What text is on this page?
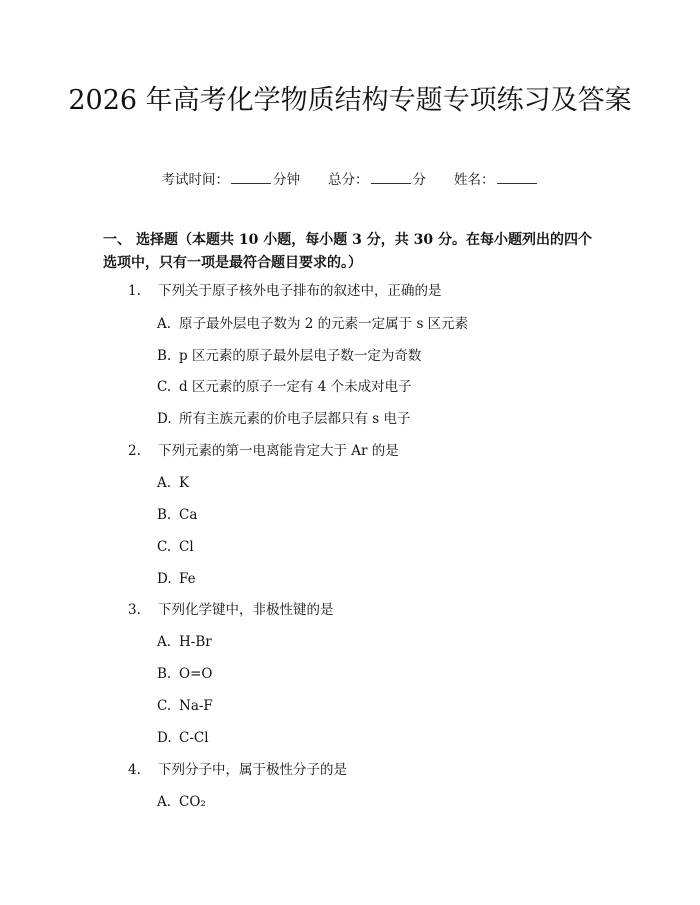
2026 年高考化学物质结构专题专项练习及答案
考试时间：	分钟 总分：	分 姓名：
一、 选择题（本题共 10 小题，每小题 3 分，共 30 分。在每小题列出的四个选项中，只有一项是最符合题目要求的。）
1. 下列关于原子核外电子排布的叙述中，正确的是
A. 原子最外层电子数为 2 的元素一定属于 s 区元素
B. p 区元素的原子最外层电子数一定为奇数
C. d 区元素的原子一定有 4 个未成对电子
D. 所有主族元素的价电子层都只有 s 电子
2. 下列元素的第一电离能肯定大于 Ar 的是
A. K
B. Ca
C. Cl
D. Fe
3. 下列化学键中，非极性键的是
A. H-Br
B. O=O
C. Na-F
D. C-Cl
4. 下列分子中，属于极性分子的是
A. CO₂
